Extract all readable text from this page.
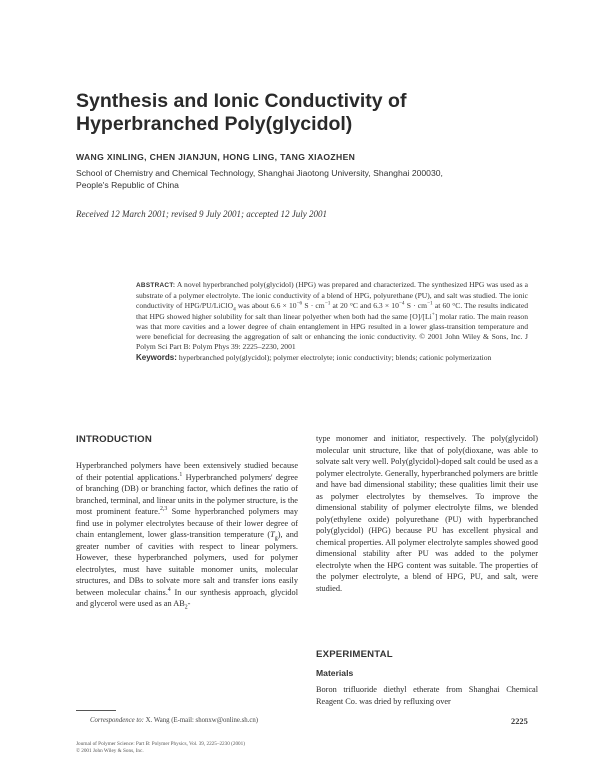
Synthesis and Ionic Conductivity of Hyperbranched Poly(glycidol)
WANG XINLING, CHEN JIANJUN, HONG LING, TANG XIAOZHEN
School of Chemistry and Chemical Technology, Shanghai Jiaotong University, Shanghai 200030,
People's Republic of China
Received 12 March 2001; revised 9 July 2001; accepted 12 July 2001
ABSTRACT: A novel hyperbranched poly(glycidol) (HPG) was prepared and characterized. The synthesized HPG was used as a substrate of a polymer electrolyte. The ionic conductivity of a blend of HPG, polyurethane (PU), and salt was studied. The ionic conductivity of HPG/PU/LiClO$_4$ was about $6.6 \times 10^{-6}$ $S \cdot cm^{-1}$ at 20 °C and $6.3 \times 10^{-4}$ $S \cdot cm^{-1}$ at 60 °C. The results indicated that HPG showed higher solubility for salt than linear polyether when both had the same [O]/[Li+] molar ratio. The main reason was that more cavities and a lower degree of chain entanglement in HPG resulted in a lower glass-transition temperature and were beneficial for decreasing the aggregation of salt or enhancing the ionic conductivity. © 2001 John Wiley & Sons, Inc. J Polym Sci Part B: Polym Phys 39: 2225–2230, 2001
Keywords: hyperbranched poly(glycidol); polymer electrolyte; ionic conductivity; blends; cationic polymerization
INTRODUCTION
Hyperbranched polymers have been extensively studied because of their potential applications.$^1$ Hyperbranched polymers' degree of branching (DB) or branching factor, which defines the ratio of branched, terminal, and linear units in the polymer structure, is the most prominent feature.$^{2,3}$ Some hyperbranched polymers may find use in polymer electrolytes because of their lower degree of chain entanglement, lower glass-transition temperature $(T_g)$, and greater number of cavities with respect to linear polymers. However, these hyperbranched polymers, used for polymer electrolytes, must have suitable monomer units, molecular structures, and DBs to solvate more salt and transfer ions easily between molecular chains.$^4$ In our synthesis approach, glycidol and glycerol were used as an $AB_2-$
type monomer and initiator, respectively. The poly(glycidol) molecular unit structure, like that of poly(dioxane, was able to solvate salt very well. Poly(glycidol)-doped salt could be used as a polymer electrolyte. Generally, hyperbranched polymers are brittle and have bad dimensional stability; these qualities limit their use as polymer electrolytes by themselves. To improve the dimensional stability of polymer electrolyte films, we blended poly(ethylene oxide) polyurethane (PU) with hyperbranched poly(glycidol) (HPG) because PU has excellent physical and chemical properties. All polymer electrolyte samples showed good dimensional stability after PU was added to the polymer electrolyte when the HPG content was suitable. The properties of the polymer electrolyte, a blend of HPG, PU, and salt, were studied.
EXPERIMENTAL
Materials
Boron trifluoride diethyl etherate from Shanghai Chemical Reagent Co. was dried by refluxing over
Correspondence to: X. Wang (E-mail: shonxw@online.sh.cn)
Journal of Polymer Science: Part B: Polymer Physics, Vol. 39, 2225–2230 (2001)
© 2001 John Wiley & Sons, Inc.
2225
